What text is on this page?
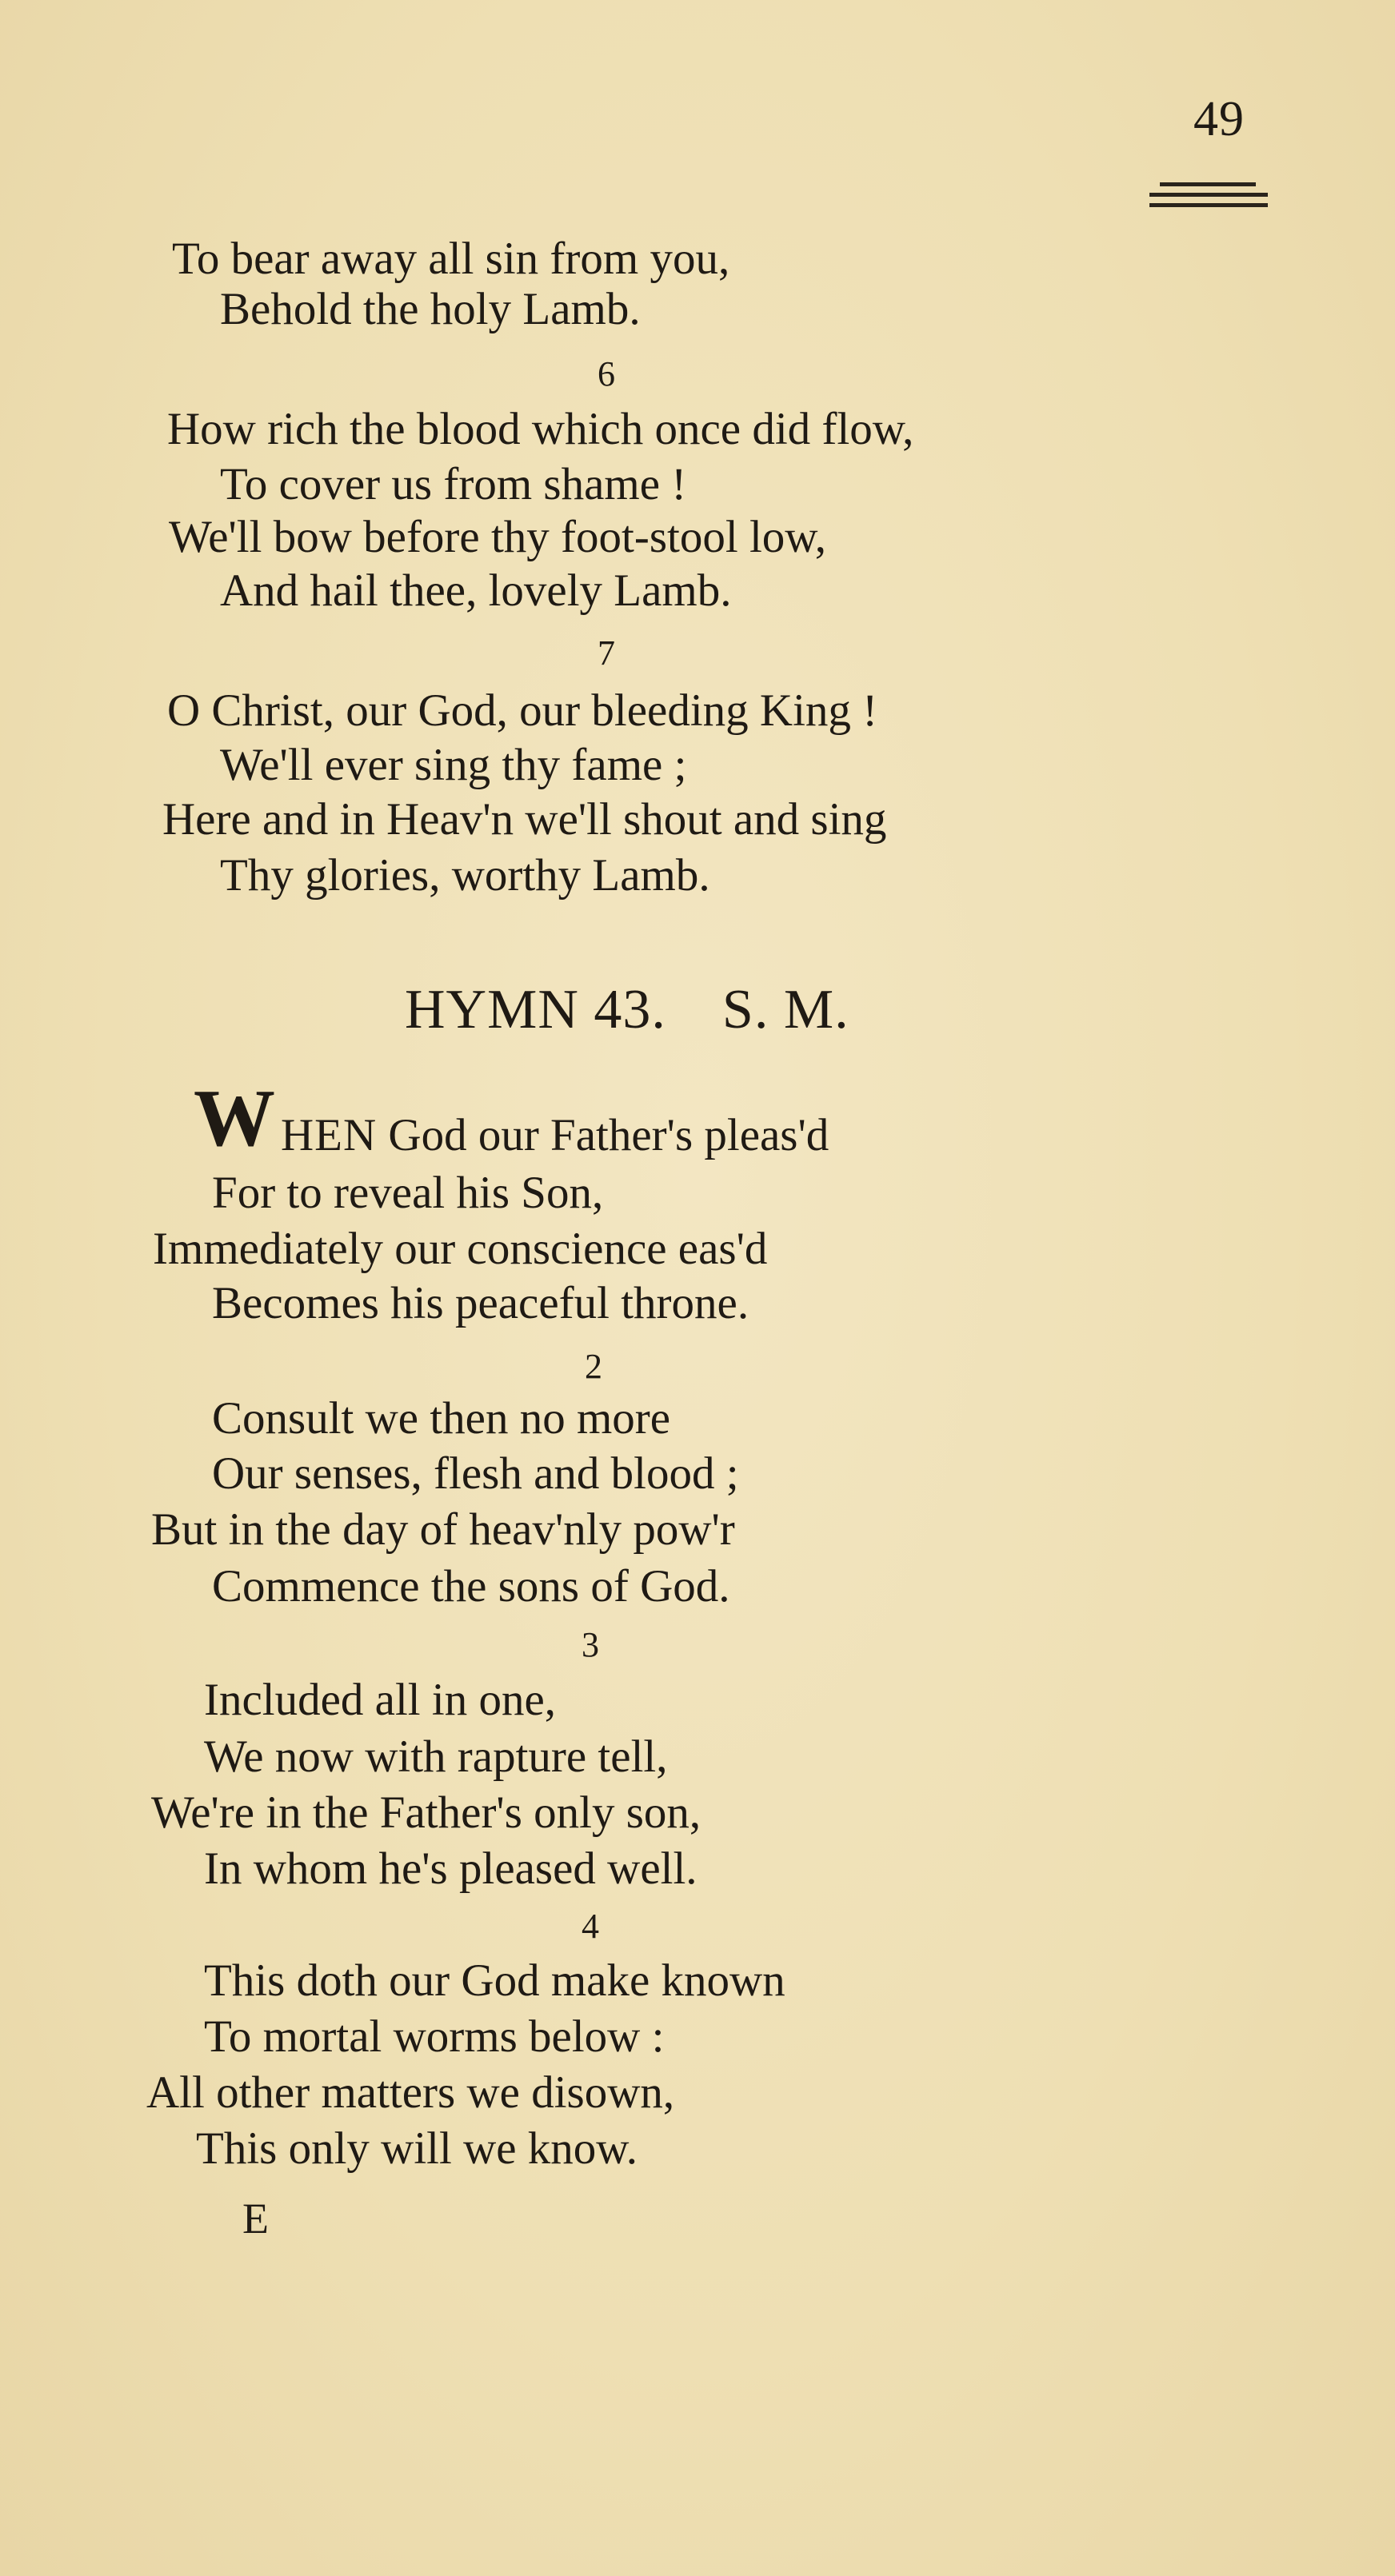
49
To bear away all sin from you,
Behold the holy Lamb.
6
How rich the blood which once did flow,
To cover us from shame !
We'll bow before thy foot-stool low,
And hail thee, lovely Lamb.
7
O Christ, our God, our bleeding King !
We'll ever sing thy fame ;
Here and in Heav'n we'll shout and sing
Thy glories, worthy Lamb.
HYMN 43. S. M.
W HEN God our Father's pleas'd
For to reveal his Son,
Immediately our conscience eas'd
Becomes his peaceful throne.
2
Consult we then no more
Our senses, flesh and blood ;
But in the day of heav'nly pow'r
Commence the sons of God.
3
Included all in one,
We now with rapture tell,
We're in the Father's only son,
In whom he's pleased well.
4
This doth our God make known
To mortal worms below :
All other matters we disown,
This only will we know.
E
